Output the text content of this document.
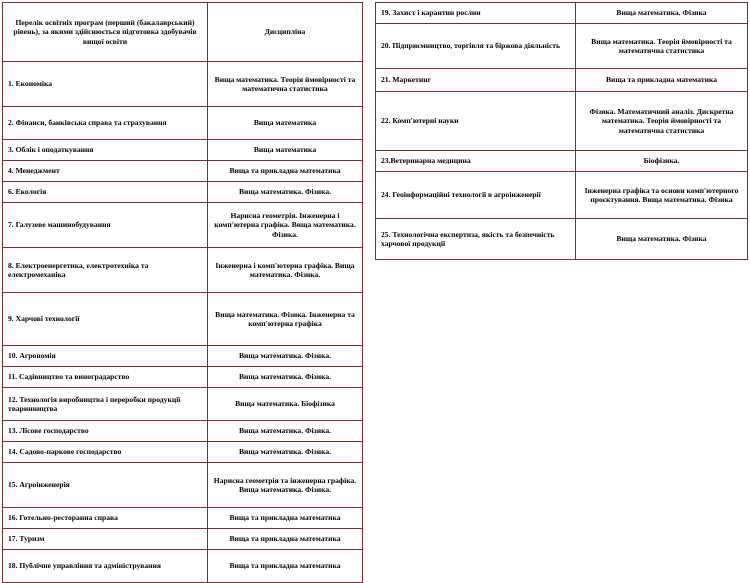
Перелік освітніх програм (перший (бакалаврський) рівень), за якими здійснюється підготовка здобувачів вищої освіти	Дисципліна
1. Економіка	Вища математика. Теорія ймовірності та математична статистика
2. Фінанси, банківська справа та страхування	Вища математика
3. Облік і оподаткування	Вища математика
4. Менеджмент	Вища та прикладна математика
6. Екологія	Вища математика. Фізика.
7. Галузеве машинобудування	Нарисна геометрія. Інженерна і комп'ютерна графіка. Вища математика. Фізика.
8. Електроенергетика, електротехніка та електромеханіка	Інженерна і комп'ютерна графіка. Вища математика. Фізика.
9. Харчові технології	Вища математика. Фізика. Інженерна та комп'ютерна графіка
10. Агрономія	Вища математика. Фізика.
11. Садівництво та виноградарство	Вища математика. Фізика.
12. Технологія виробництва і переробки продукції тваринництва	Вища математика. Біофізика
13. Лісове господарство	Вища математика. Фізика.
14. Садово-паркове господарство	Вища математика. Фізика.
15. Агроінженерія	Нарисна геометрія та інженерна графіка. Вища математика. Фізика.
16. Готельно-ресторанна справа	Вища та прикладна математика
17. Туризм	Вища та прикладна математика
18. Публічне управління та адміністрування	Вища та прикладна математика
19. Захист і карантин рослин	Вища математика. Фізика
20. Підприємництво, торгівля та біржова діяльність	Вища математика. Теорія ймовірності та математична статистика
21. Маркетинг	Вища та прикладна математика
22. Комп'ютерні науки	Фізика. Математичний аналіз. Дискретна математика. Теорія ймовірності та математична статистика
23.Ветеринарна медицина	Біофізика.
24. Геоінформаційні технології в агроінженерії	Інженерна графіка та основи комп'ютерного проєктування. Вища математика. Фізика
25. Технологічна експертиза, якість та безпечність харчової продукції	Вища математика. Фізика
